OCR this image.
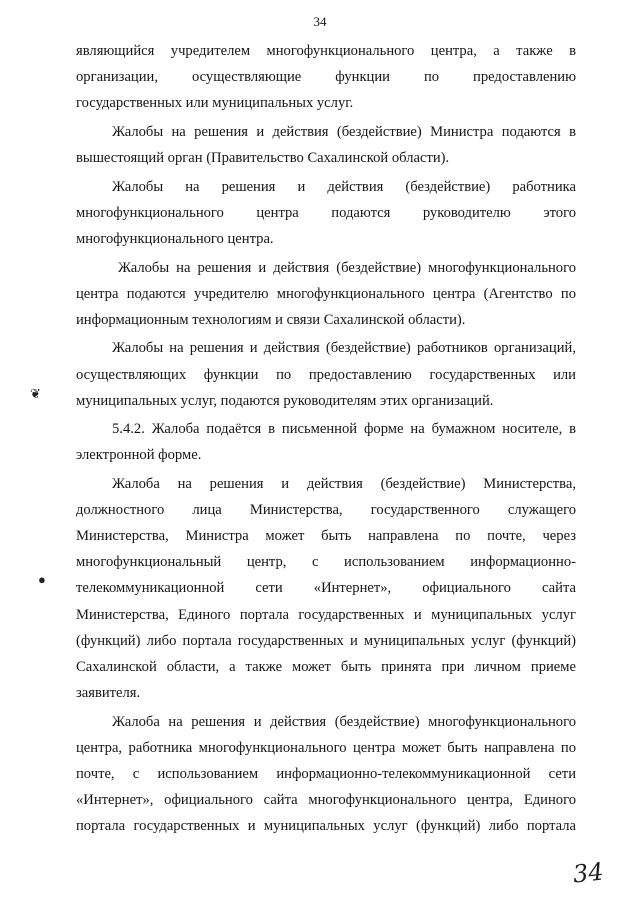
34
❦
●
являющийся учредителем многофункционального центра, а также в
организации, осуществляющие функции по предоставлению
государственных или муниципальных услуг.
Жалобы на решения и действия (бездействие) Министра подаются в
вышестоящий орган (Правительство Сахалинской области).
Жалобы на решения и действия (бездействие) работника
многофункционального центра подаются руководителю этого
многофункционального центра.
Жалобы на решения и действия (бездействие) многофункционального
центра подаются учредителю многофункционального центра (Агентство по
информационным технологиям и связи Сахалинской области).
Жалобы на решения и действия (бездействие) работников организаций,
осуществляющих функции по предоставлению государственных или
муниципальных услуг, подаются руководителям этих организаций.
5.4.2. Жалоба подаётся в письменной форме на бумажном носителе, в
электронной форме.
Жалоба на решения и действия (бездействие) Министерства,
должностного лица Министерства, государственного служащего
Министерства, Министра может быть направлена по почте, через
многофункциональный центр, с использованием информационно-
телекоммуникационной сети «Интернет», официального сайта
Министерства, Единого портала государственных и муниципальных услуг
(функций) либо портала государственных и муниципальных услуг (функций)
Сахалинской области, а также может быть принята при личном приеме
заявителя.
Жалоба на решения и действия (бездействие) многофункционального
центра, работника многофункционального центра может быть направлена по
почте, с использованием информационно-телекоммуникационной сети
«Интернет», официального сайта многофункционального центра, Единого
портала государственных и муниципальных услуг (функций) либо портала
34
